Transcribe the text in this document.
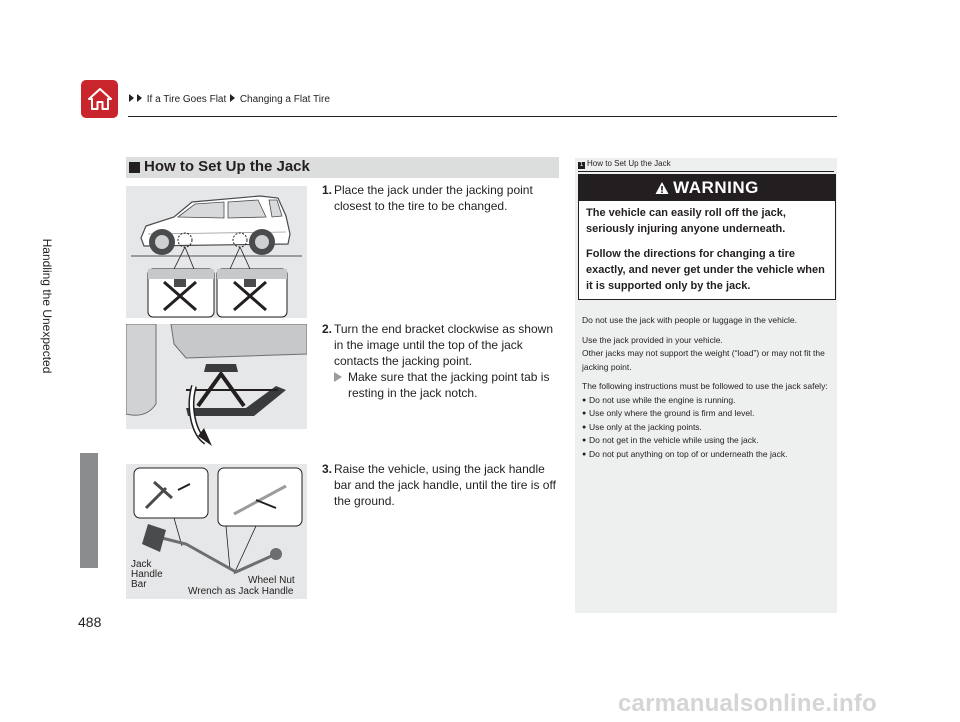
If a Tire Goes Flat Changing a Flat Tire
Handling the Unexpected
488
How to Set Up the Jack
Jack
Handle
Bar	Wheel Nut
Wrench as Jack Handle
1. Place the jack under the jacking point closest to the tire to be changed.
2. Turn the end bracket clockwise as shown in the image until the top of the jack contacts the jacking point.
Make sure that the jacking point tab is resting in the jack notch.
3. Raise the vehicle, using the jack handle bar and the jack handle, until the tire is off the ground.
1 How to Set Up the Jack
WARNING

The vehicle can easily roll off the jack, seriously injuring anyone underneath.

Follow the directions for changing a tire exactly, and never get under the vehicle when it is supported only by the jack.

Do not use the jack with people or luggage in the vehicle.

Use the jack provided in your vehicle.

Other jacks may not support the weight (“load”) or may not fit the jacking point.

The following instructions must be followed to use the jack safely:
● Do not use while the engine is running.
● Use only where the ground is firm and level.
● Use only at the jacking points.
● Do not get in the vehicle while using the jack.
● Do not put anything on top of or underneath the jack.
carmanualsonline.info
